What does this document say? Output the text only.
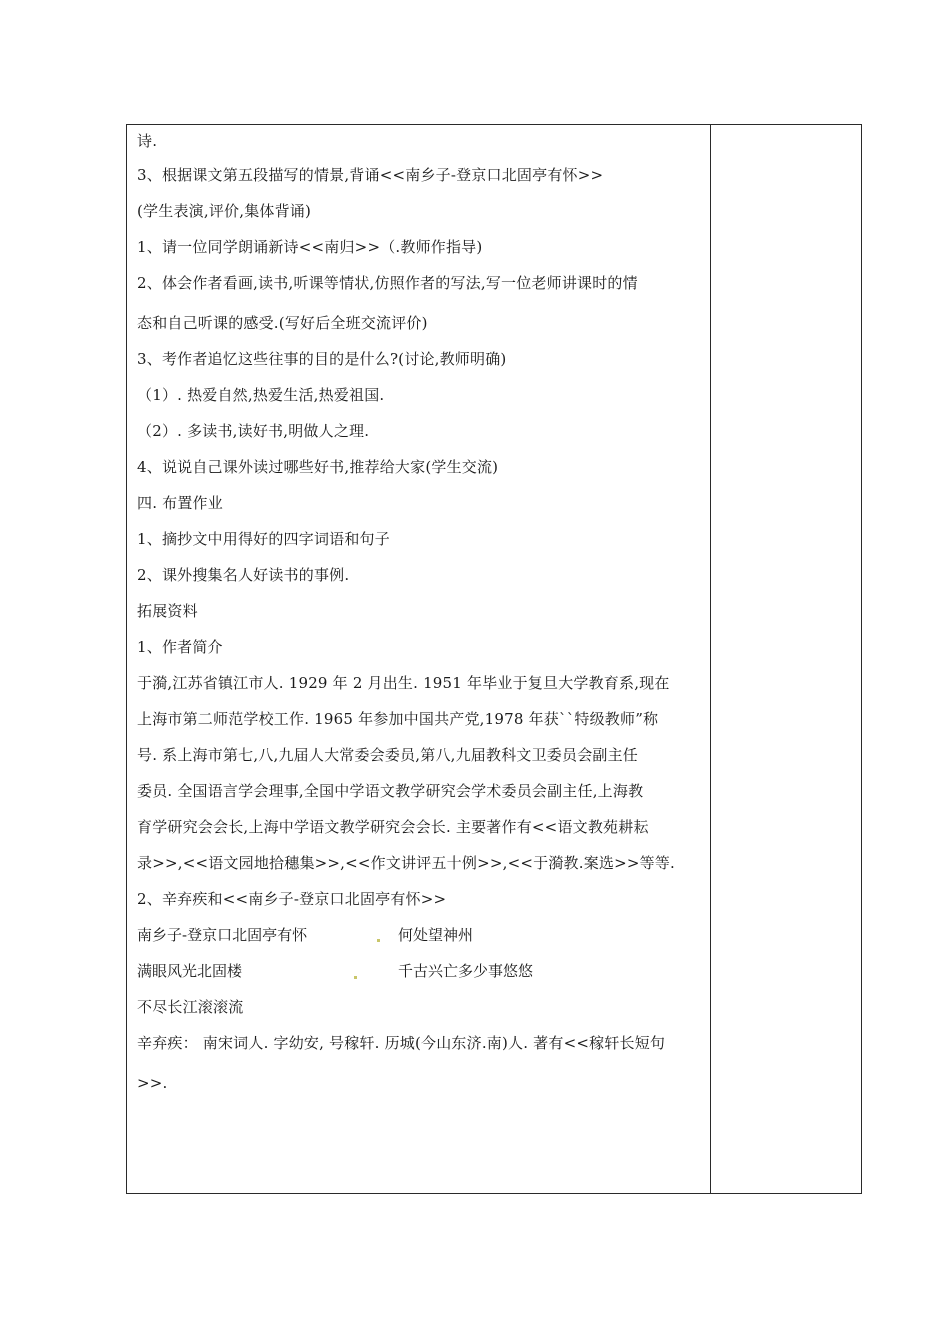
诗.
3、根据课文第五段描写的情景,背诵<<南乡子-登京口北固亭有怀>>
(学生表演,评价,集体背诵)
1、请一位同学朗诵新诗<<南归>>（.教师作指导)
2、体会作者看画,读书,听课等情状,仿照作者的写法,写一位老师讲课时的情
态和自己听课的感受.(写好后全班交流评价)
3、考作者追忆这些往事的目的是什么?(讨论,教师明确)
（1）. 热爱自然,热爱生活,热爱祖国.
（2）. 多读书,读好书,明做人之理.
4、说说自己课外读过哪些好书,推荐给大家(学生交流)
四. 布置作业
1、摘抄文中用得好的四字词语和句子
2、课外搜集名人好读书的事例.
拓展资料
1、作者简介
于漪,江苏省镇江市人. 1929 年 2 月出生. 1951 年毕业于复旦大学教育系,现在
上海市第二师范学校工作. 1965 年参加中国共产党,1978 年获``特级教师”称
号. 系上海市第七,八,九届人大常委会委员,第八,九届教科文卫委员会副主任
委员. 全国语言学会理事,全国中学语文教学研究会学术委员会副主任,上海教
育学研究会会长,上海中学语文教学研究会会长. 主要著作有<<语文教苑耕耘
录>>,<<语文园地拾穗集>>,<<作文讲评五十例>>,<<于漪教.案选>>等等.
2、辛弃疾和<<南乡子-登京口北固亭有怀>>
南乡子-登京口北固亭有怀	何处望神州
满眼风光北固楼	千古兴亡多少事悠悠
不尽长江滚滚流
辛弃疾： 南宋词人. 字幼安, 号稼轩. 历城(今山东济.南)人. 著有<<稼轩长短句
>>.
